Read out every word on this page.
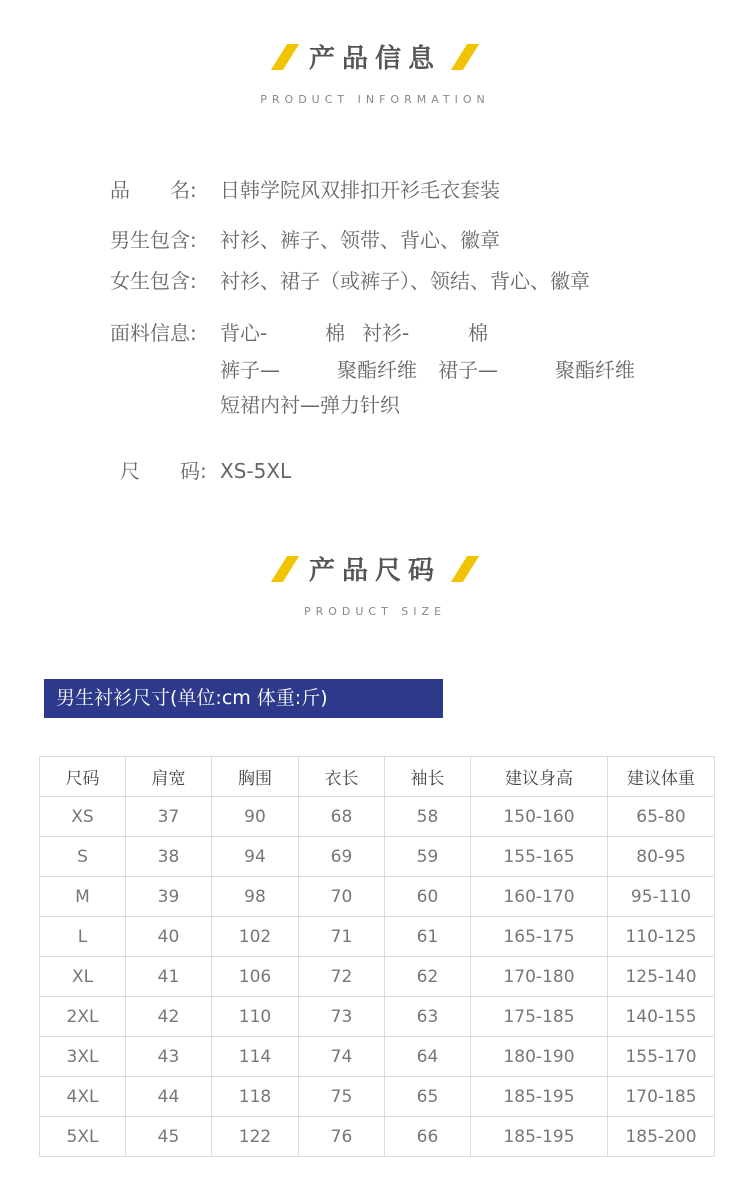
产品信息
PRODUCT INFORMATION
品　　名: 日韩学院风双排扣开衫毛衣套装
男生包含: 衬衫、裤子、领带、背心、徽章
女生包含: 衬衫、裙子（或裤子）、领结、背心、徽章
面料信息:	背心-	棉 衬衫-	棉
裤子—	聚酯纤维 裙子—	聚酯纤维
短裙内衬—弹力针织
尺　　码: XS-5XL
产品尺码
PRODUCT SIZE
男生衬衫尺寸(单位:cm 体重:斤)
尺码	肩宽	胸围	衣长	袖长	建议身高	建议体重
XS	37	90	68	58	150-160	65-80
S	38	94	69	59	155-165	80-95
M	39	98	70	60	160-170	95-110
L	40	102	71	61	165-175	110-125
XL	41	106	72	62	170-180	125-140
2XL	42	110	73	63	175-185	140-155
3XL	43	114	74	64	180-190	155-170
4XL	44	118	75	65	185-195	170-185
5XL	45	122	76	66	185-195	185-200
